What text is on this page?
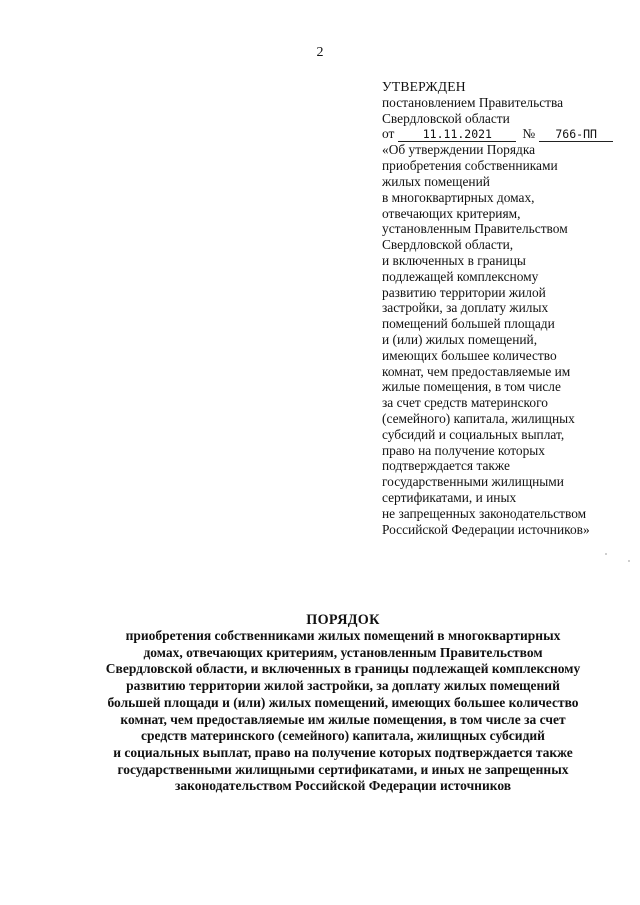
2
УТВЕРЖДЕН
постановлением Правительства
Свердловской области
от 11.11.2021 № 766-ПП
«Об утверждении Порядка
приобретения собственниками
жилых помещений
в многоквартирных домах,
отвечающих критериям,
установленным Правительством
Свердловской области,
и включенных в границы
подлежащей комплексному
развитию территории жилой
застройки, за доплату жилых
помещений большей площади
и (или) жилых помещений,
имеющих большее количество
комнат, чем предоставляемые им
жилые помещения, в том числе
за счет средств материнского
(семейного) капитала, жилищных
субсидий и социальных выплат,
право на получение которых
подтверждается также
государственными жилищными
сертификатами, и иных
не запрещенных законодательством
Российской Федерации источников»
ПОРЯДОК
приобретения собственниками жилых помещений в многоквартирных
домах, отвечающих критериям, установленным Правительством
Свердловской области, и включенных в границы подлежащей комплексному
развитию территории жилой застройки, за доплату жилых помещений
большей площади и (или) жилых помещений, имеющих большее количество
комнат, чем предоставляемые им жилые помещения, в том числе за счет
средств материнского (семейного) капитала, жилищных субсидий
и социальных выплат, право на получение которых подтверждается также
государственными жилищными сертификатами, и иных не запрещенных
законодательством Российской Федерации источников
